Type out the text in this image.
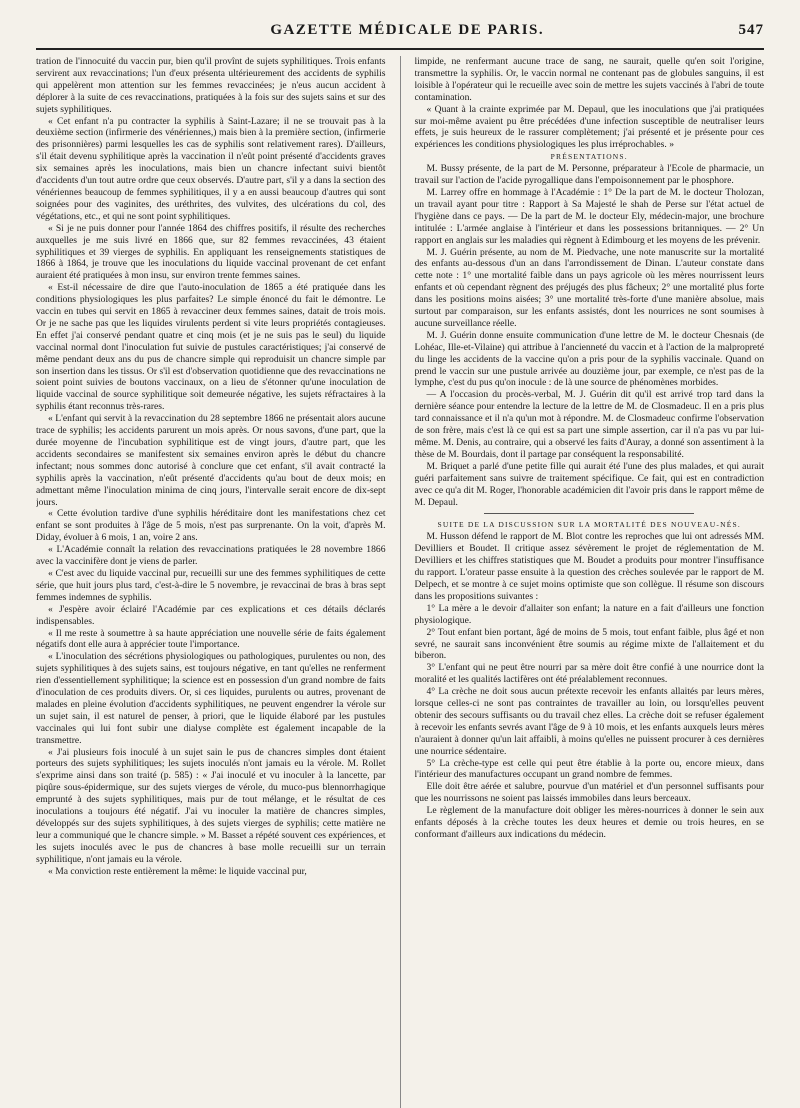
GAZETTE MÉDICALE DE PARIS.	547

tration de l'innocuité du vaccin pur, bien qu'il provînt de sujets syphilitiques. Trois enfants servirent aux revaccinations; l'un d'eux présenta ultérieurement des accidents de syphilis qui appelèrent mon attention sur les femmes revaccinées; je n'eus aucun accident à déplorer à la suite de ces revaccinations, pratiquées à la fois sur des sujets sains et sur des sujets syphilitiques.

« Cet enfant n'a pu contracter la syphilis à Saint-Lazare; il ne se trouvait pas à la deuxième section (infirmerie des vénériennes,) mais bien à la première section, (infirmerie des prisonnières) parmi lesquelles les cas de syphilis sont relativement rares). D'ailleurs, s'il était devenu syphilitique après la vaccination il n'eût point présenté d'accidents graves six semaines après les inoculations, mais bien un chancre infectant suivi bientôt d'accidents d'un tout autre ordre que ceux observés. D'autre part, s'il y a dans la section des vénériennes beaucoup de femmes syphilitiques, il y a en aussi beaucoup d'autres qui sont soignées pour des vaginites, des uréthrites, des vulvites, des ulcérations du col, des végétations, etc., et qui ne sont point syphilitiques.

« Si je ne puis donner pour l'année 1864 des chiffres positifs, il résulte des recherches auxquelles je me suis livré en 1866 que, sur 82 femmes revaccinées, 43 étaient syphilitiques et 39 vierges de syphilis. En appliquant les renseignements statistiques de 1866 à 1864, je trouve que les inoculations du liquide vaccinal provenant de cet enfant auraient été pratiquées à mon insu, sur environ trente femmes saines.

« Est-il nécessaire de dire que l'auto-inoculation de 1865 a été pratiquée dans les conditions physiologiques les plus parfaites? Le simple énoncé du fait le démontre. Le vaccin en tubes qui servit en 1865 à revacciner deux femmes saines, datait de trois mois. Or je ne sache pas que les liquides virulents perdent si vite leurs propriétés contagieuses. En effet j'ai conservé pendant quatre et cinq mois (et je ne suis pas le seul) du liquide vaccinal normal dont l'inoculation fut suivie de pustules caractéristiques; j'ai conservé de même pendant deux ans du pus de chancre simple qui reproduisit un chancre simple par son insertion dans les tissus. Or s'il est d'observation quotidienne que des revaccinations ne soient point suivies de boutons vaccinaux, on a lieu de s'étonner qu'une inoculation de liquide vaccinal de source syphilitique soit demeurée négative, les sujets réfractaires à la syphilis étant reconnus très-rares.

« L'enfant qui servit à la revaccination du 28 septembre 1866 ne présentait alors aucune trace de syphilis; les accidents parurent un mois après. Or nous savons, d'une part, que la durée moyenne de l'incubation syphilitique est de vingt jours, d'autre part, que les accidents secondaires se manifestent six semaines environ après le début du chancre infectant; nous sommes donc autorisé à conclure que cet enfant, s'il avait contracté la syphilis après la vaccination, n'eût présenté d'accidents qu'au bout de deux mois; en admettant même l'inoculation minima de cinq jours, l'intervalle serait encore de dix-sept jours.

« Cette évolution tardive d'une syphilis héréditaire dont les manifestations chez cet enfant se sont produites à l'âge de 5 mois, n'est pas surprenante. On la voit, d'après M. Diday, évoluer à 6 mois, 1 an, voire 2 ans.

« L'Académie connaît la relation des revaccinations pratiquées le 28 novembre 1866 avec la vaccinifère dont je viens de parler.

« C'est avec du liquide vaccinal pur, recueilli sur une des femmes syphilitiques de cette série, que huit jours plus tard, c'est-à-dire le 5 novembre, je revaccinai de bras à bras sept femmes indemnes de syphilis.

« J'espère avoir éclairé l'Académie par ces explications et ces détails déclarés indispensables.

« Il me reste à soumettre à sa haute appréciation une nouvelle série de faits également négatifs dont elle aura à apprécier toute l'importance.

« L'inoculation des sécrétions physiologiques ou pathologiques, purulentes ou non, des sujets syphilitiques à des sujets sains, est toujours négative, en tant qu'elles ne renferment rien d'essentiellement syphilitique; la science est en possession d'un grand nombre de faits d'inoculation de ces produits divers. Or, si ces liquides, purulents ou autres, provenant de malades en pleine évolution d'accidents syphilitiques, ne peuvent engendrer la vérole sur un sujet sain, il est naturel de penser, à priori, que le liquide élaboré par les pustules vaccinales qui lui font subir une dialyse complète est également incapable de la transmettre.

« J'ai plusieurs fois inoculé à un sujet sain le pus de chancres simples dont étaient porteurs des sujets syphilitiques; les sujets inoculés n'ont jamais eu la vérole. M. Rollet s'exprime ainsi dans son traité (p. 585) : « J'ai inoculé et vu inoculer à la lancette, par piqûre sous-épidermique, sur des sujets vierges de vérole, du muco-pus blennorrhagique emprunté à des sujets syphilitiques, mais pur de tout mélange, et le résultat de ces inoculations a toujours été négatif. J'ai vu inoculer la matière de chancres simples, développés sur des sujets syphilitiques, à des sujets vierges de syphilis; cette matière ne leur a communiqué que le chancre simple. » M. Basset a répété souvent ces expériences, et les sujets inoculés avec le pus de chancres à base molle recueilli sur un terrain syphilitique, n'ont jamais eu la vérole.

« Ma conviction reste entièrement la même: le liquide vaccinal pur,

limpide, ne renfermant aucune trace de sang, ne saurait, quelle qu'en soit l'origine, transmettre la syphilis. Or, le vaccin normal ne contenant pas de globules sanguins, il est loisible à l'opérateur qui le recueille avec soin de mettre les sujets vaccinés à l'abri de toute contamination.

« Quant à la crainte exprimée par M. Depaul, que les inoculations que j'ai pratiquées sur moi-même avaient pu être précédées d'une infection susceptible de neutraliser leurs effets, je suis heureux de le rassurer complètement; j'ai présenté et je présente pour ces expériences les conditions physiologiques les plus irréprochables. »

PRÉSENTATIONS.

M. Bussy présente, de la part de M. Personne, préparateur à l'Ecole de pharmacie, un travail sur l'action de l'acide pyrogallique dans l'empoisonnement par le phosphore.

M. Larrey offre en hommage à l'Académie : 1° De la part de M. le docteur Tholozan, un travail ayant pour titre : Rapport à Sa Majesté le shah de Perse sur l'état actuel de l'hygiène dans ce pays. — De la part de M. le docteur Ely, médecin-major, une brochure intitulée : L'armée anglaise à l'intérieur et dans les possessions britanniques. — 2° Un rapport en anglais sur les maladies qui règnent à Edimbourg et les moyens de les prévenir.

M. J. Guérin présente, au nom de M. Piedvache, une note manuscrite sur la mortalité des enfants au-dessous d'un an dans l'arrondissement de Dinan. L'auteur constate dans cette note : 1° une mortalité faible dans un pays agricole où les mères nourrissent leurs enfants et où cependant règnent des préjugés des plus fâcheux; 2° une mortalité plus forte dans les positions moins aisées; 3° une mortalité très-forte d'une manière absolue, mais surtout par comparaison, sur les enfants assistés, dont les nourrices ne sont soumises à aucune surveillance réelle.

M. J. Guérin donne ensuite communication d'une lettre de M. le docteur Chesnais (de Lohéac, Ille-et-Vilaine) qui attribue à l'ancienneté du vaccin et à l'action de la malpropreté du linge les accidents de la vaccine qu'on a pris pour de la syphilis vaccinale. Quand on prend le vaccin sur une pustule arrivée au douzième jour, par exemple, ce n'est pas de la lymphe, c'est du pus qu'on inocule : de là une source de phénomènes morbides.

— A l'occasion du procès-verbal, M. J. Guérin dit qu'il est arrivé trop tard dans la dernière séance pour entendre la lecture de la lettre de M. de Closmadeuc. Il en a pris plus tard connaissance et il n'a qu'un mot à répondre. M. de Closmadeuc confirme l'observation de son frère, mais c'est là ce qui est sa part une simple assertion, car il n'a pas vu par lui-même. M. Denis, au contraire, qui a observé les faits d'Auray, a donné son assentiment à la thèse de M. Bourdais, dont il partage par conséquent la responsabilité.

M. Briquet a parlé d'une petite fille qui aurait été l'une des plus malades, et qui aurait guéri parfaitement sans suivre de traitement spécifique. Ce fait, qui est en contradiction avec ce qu'a dit M. Roger, l'honorable académicien dit l'avoir pris dans le rapport même de M. Depaul.

SUITE DE LA DISCUSSION SUR LA MORTALITÉ DES NOUVEAU-NÉS.

M. Husson défend le rapport de M. Blot contre les reproches que lui ont adressés MM. Devilliers et Boudet. Il critique assez sévèrement le projet de réglementation de M. Devilliers et les chiffres statistiques que M. Boudet a produits pour montrer l'insuffisance du rapport. L'orateur passe ensuite à la question des crèches soulevée par le rapport de M. Delpech, et se montre à ce sujet moins optimiste que son collègue. Il résume son discours dans les propositions suivantes :

1° La mère a le devoir d'allaiter son enfant; la nature en a fait d'ailleurs une fonction physiologique.

2° Tout enfant bien portant, âgé de moins de 5 mois, tout enfant faible, plus âgé et non sevré, ne saurait sans inconvénient être soumis au régime mixte de l'allaitement et du biberon.

3° L'enfant qui ne peut être nourri par sa mère doit être confié à une nourrice dont la moralité et les qualités lactifères ont été préalablement reconnues.

4° La crèche ne doit sous aucun prétexte recevoir les enfants allaités par leurs mères, lorsque celles-ci ne sont pas contraintes de travailler au loin, ou lorsqu'elles peuvent obtenir des secours suffisants ou du travail chez elles. La crèche doit se refuser également à recevoir les enfants sevrés avant l'âge de 9 à 10 mois, et les enfants auxquels leurs mères n'auraient à donner qu'un lait affaibli, à moins qu'elles ne puissent procurer à ces dernières une nourrice sédentaire.

5° La crèche-type est celle qui peut être établie à la porte ou, encore mieux, dans l'intérieur des manufactures occupant un grand nombre de femmes.

Elle doit être aérée et salubre, pourvue d'un matériel et d'un personnel suffisants pour que les nourrissons ne soient pas laissés immobiles dans leurs berceaux.

Le règlement de la manufacture doit obliger les mères-nourrices à donner le sein aux enfants déposés à la crèche toutes les deux heures et demie ou trois heures, en se conformant d'ailleurs aux indications du médecin.
